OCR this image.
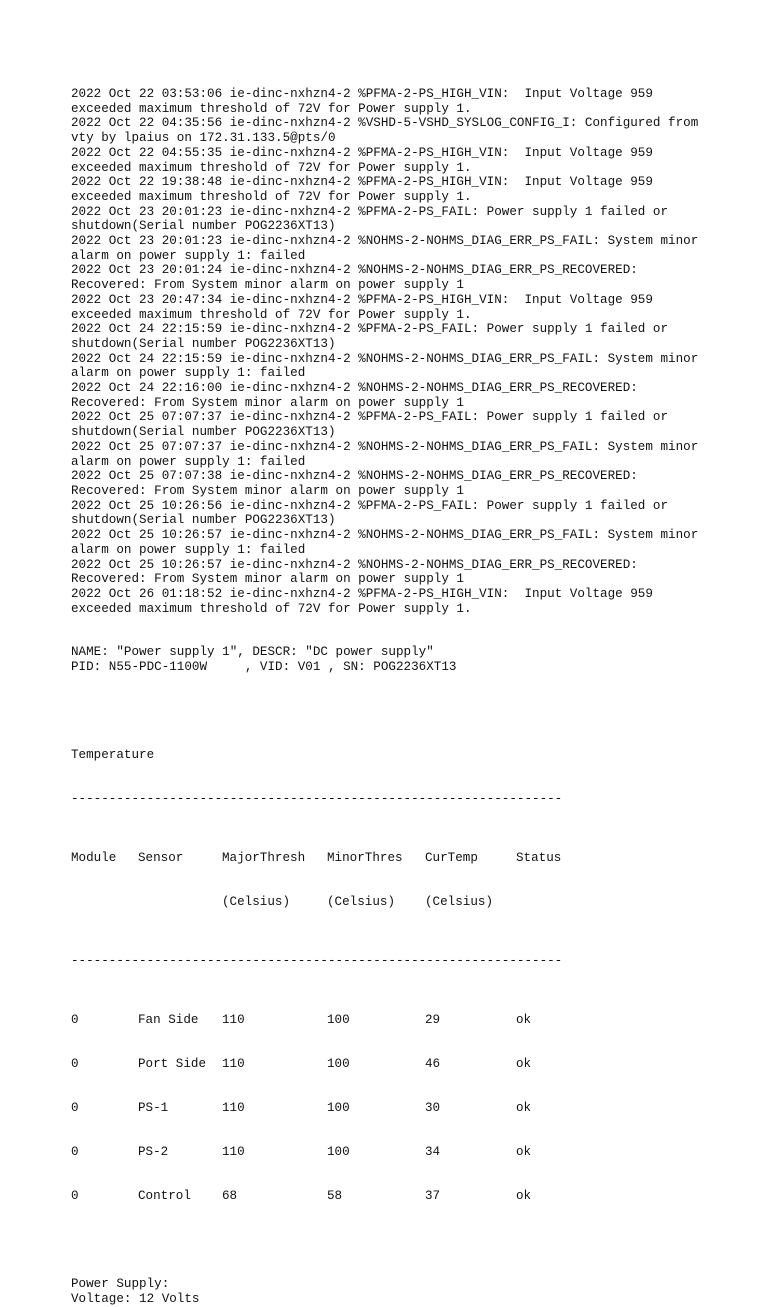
2022 Oct 22 03:53:06 ie-dinc-nxhzn4-2 %PFMA-2-PS_HIGH_VIN:  Input Voltage 959
exceeded maximum threshold of 72V for Power supply 1.
2022 Oct 22 04:35:56 ie-dinc-nxhzn4-2 %VSHD-5-VSHD_SYSLOG_CONFIG_I: Configured from
vty by lpaius on 172.31.133.5@pts/0
2022 Oct 22 04:55:35 ie-dinc-nxhzn4-2 %PFMA-2-PS_HIGH_VIN:  Input Voltage 959
exceeded maximum threshold of 72V for Power supply 1.
2022 Oct 22 19:38:48 ie-dinc-nxhzn4-2 %PFMA-2-PS_HIGH_VIN:  Input Voltage 959
exceeded maximum threshold of 72V for Power supply 1.
2022 Oct 23 20:01:23 ie-dinc-nxhzn4-2 %PFMA-2-PS_FAIL: Power supply 1 failed or
shutdown(Serial number POG2236XT13)
2022 Oct 23 20:01:23 ie-dinc-nxhzn4-2 %NOHMS-2-NOHMS_DIAG_ERR_PS_FAIL: System minor
alarm on power supply 1: failed
2022 Oct 23 20:01:24 ie-dinc-nxhzn4-2 %NOHMS-2-NOHMS_DIAG_ERR_PS_RECOVERED:
Recovered: From System minor alarm on power supply 1
2022 Oct 23 20:47:34 ie-dinc-nxhzn4-2 %PFMA-2-PS_HIGH_VIN:  Input Voltage 959
exceeded maximum threshold of 72V for Power supply 1.
2022 Oct 24 22:15:59 ie-dinc-nxhzn4-2 %PFMA-2-PS_FAIL: Power supply 1 failed or
shutdown(Serial number POG2236XT13)
2022 Oct 24 22:15:59 ie-dinc-nxhzn4-2 %NOHMS-2-NOHMS_DIAG_ERR_PS_FAIL: System minor
alarm on power supply 1: failed
2022 Oct 24 22:16:00 ie-dinc-nxhzn4-2 %NOHMS-2-NOHMS_DIAG_ERR_PS_RECOVERED:
Recovered: From System minor alarm on power supply 1
2022 Oct 25 07:07:37 ie-dinc-nxhzn4-2 %PFMA-2-PS_FAIL: Power supply 1 failed or
shutdown(Serial number POG2236XT13)
2022 Oct 25 07:07:37 ie-dinc-nxhzn4-2 %NOHMS-2-NOHMS_DIAG_ERR_PS_FAIL: System minor
alarm on power supply 1: failed
2022 Oct 25 07:07:38 ie-dinc-nxhzn4-2 %NOHMS-2-NOHMS_DIAG_ERR_PS_RECOVERED:
Recovered: From System minor alarm on power supply 1
2022 Oct 25 10:26:56 ie-dinc-nxhzn4-2 %PFMA-2-PS_FAIL: Power supply 1 failed or
shutdown(Serial number POG2236XT13)
2022 Oct 25 10:26:57 ie-dinc-nxhzn4-2 %NOHMS-2-NOHMS_DIAG_ERR_PS_FAIL: System minor
alarm on power supply 1: failed
2022 Oct 25 10:26:57 ie-dinc-nxhzn4-2 %NOHMS-2-NOHMS_DIAG_ERR_PS_RECOVERED:
Recovered: From System minor alarm on power supply 1
2022 Oct 26 01:18:52 ie-dinc-nxhzn4-2 %PFMA-2-PS_HIGH_VIN:  Input Voltage 959
exceeded maximum threshold of 72V for Power supply 1.
NAME: "Power supply 1", DESCR: "DC power supply"
PID: N55-PDC-1100W     , VID: V01 , SN: POG2236XT13

Temperature

-----------------------------------------------------------------

Module	Sensor	MajorThresh	MinorThres	CurTemp	Status

(Celsius)	(Celsius)	(Celsius)

-----------------------------------------------------------------

0	Fan Side	110	100	29	ok

0	Port Side	110	100	46	ok

0	PS-1	110	100	30	ok

0	PS-2	110	100	34	ok

0	Control	68	58	37	ok

Power Supply:
Voltage: 12 Volts
